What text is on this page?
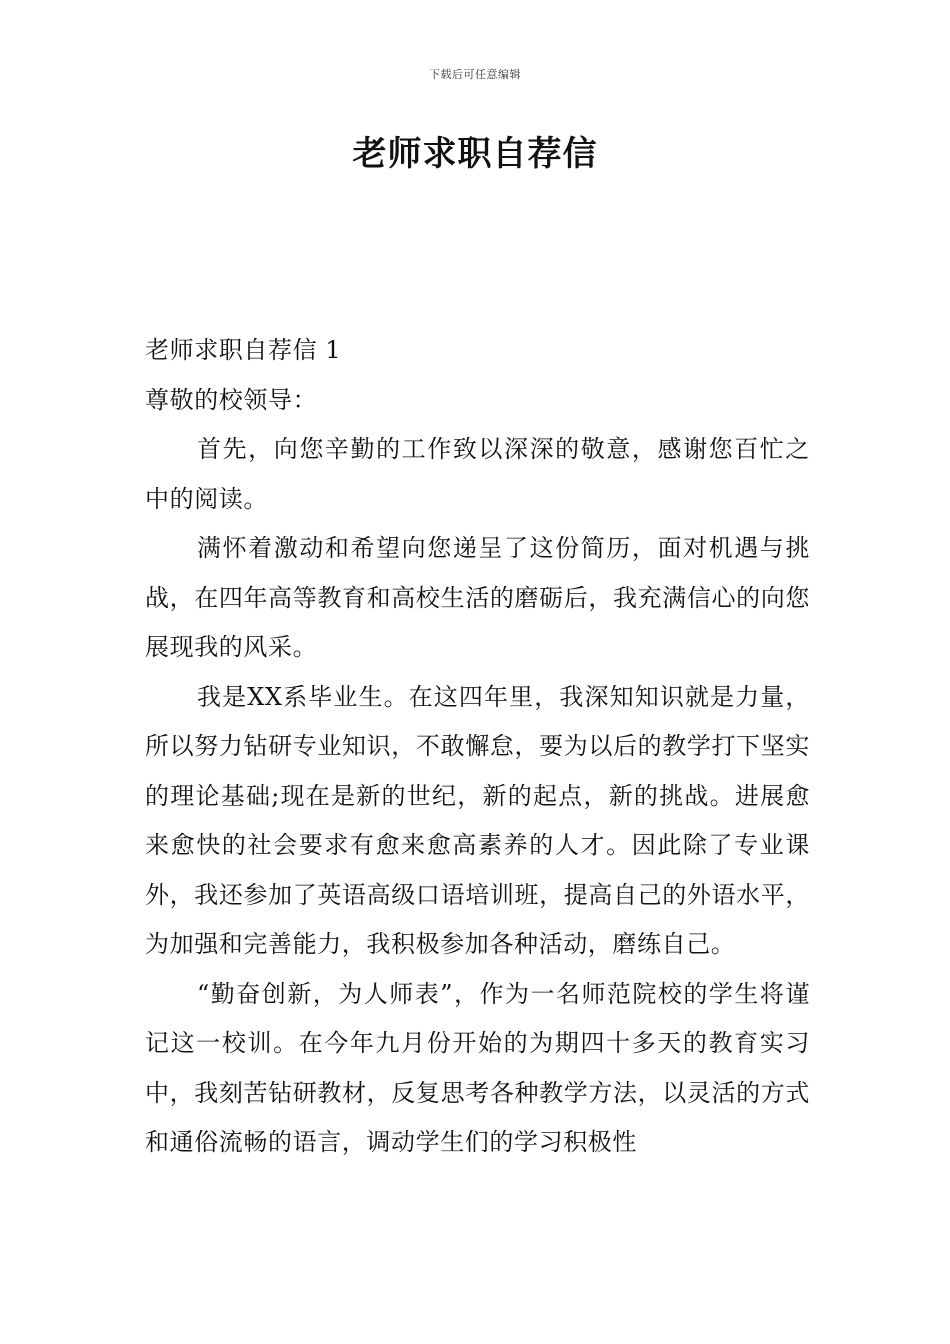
下载后可任意编辑
老师求职自荐信

老师求职自荐信 1

尊敬的校领导：

首先，向您辛勤的工作致以深深的敬意，感谢您百忙之中的阅读。

满怀着激动和希望向您递呈了这份简历，面对机遇与挑战，在四年高等教育和高校生活的磨砺后，我充满信心的向您展现我的风采。

我是XX系毕业生。在这四年里，我深知知识就是力量，所以努力钻研专业知识，不敢懈怠，要为以后的教学打下坚实的理论基础;现在是新的世纪，新的起点，新的挑战。进展愈来愈快的社会要求有愈来愈高素养的人才。因此除了专业课外，我还参加了英语高级口语培训班，提高自己的外语水平，为加强和完善能力，我积极参加各种活动，磨练自己。

“勤奋创新，为人师表”，作为一名师范院校的学生将谨记这一校训。在今年九月份开始的为期四十多天的教育实习中，我刻苦钻研教材，反复思考各种教学方法，以灵活的方式和通俗流畅的语言，调动学生们的学习积极性
